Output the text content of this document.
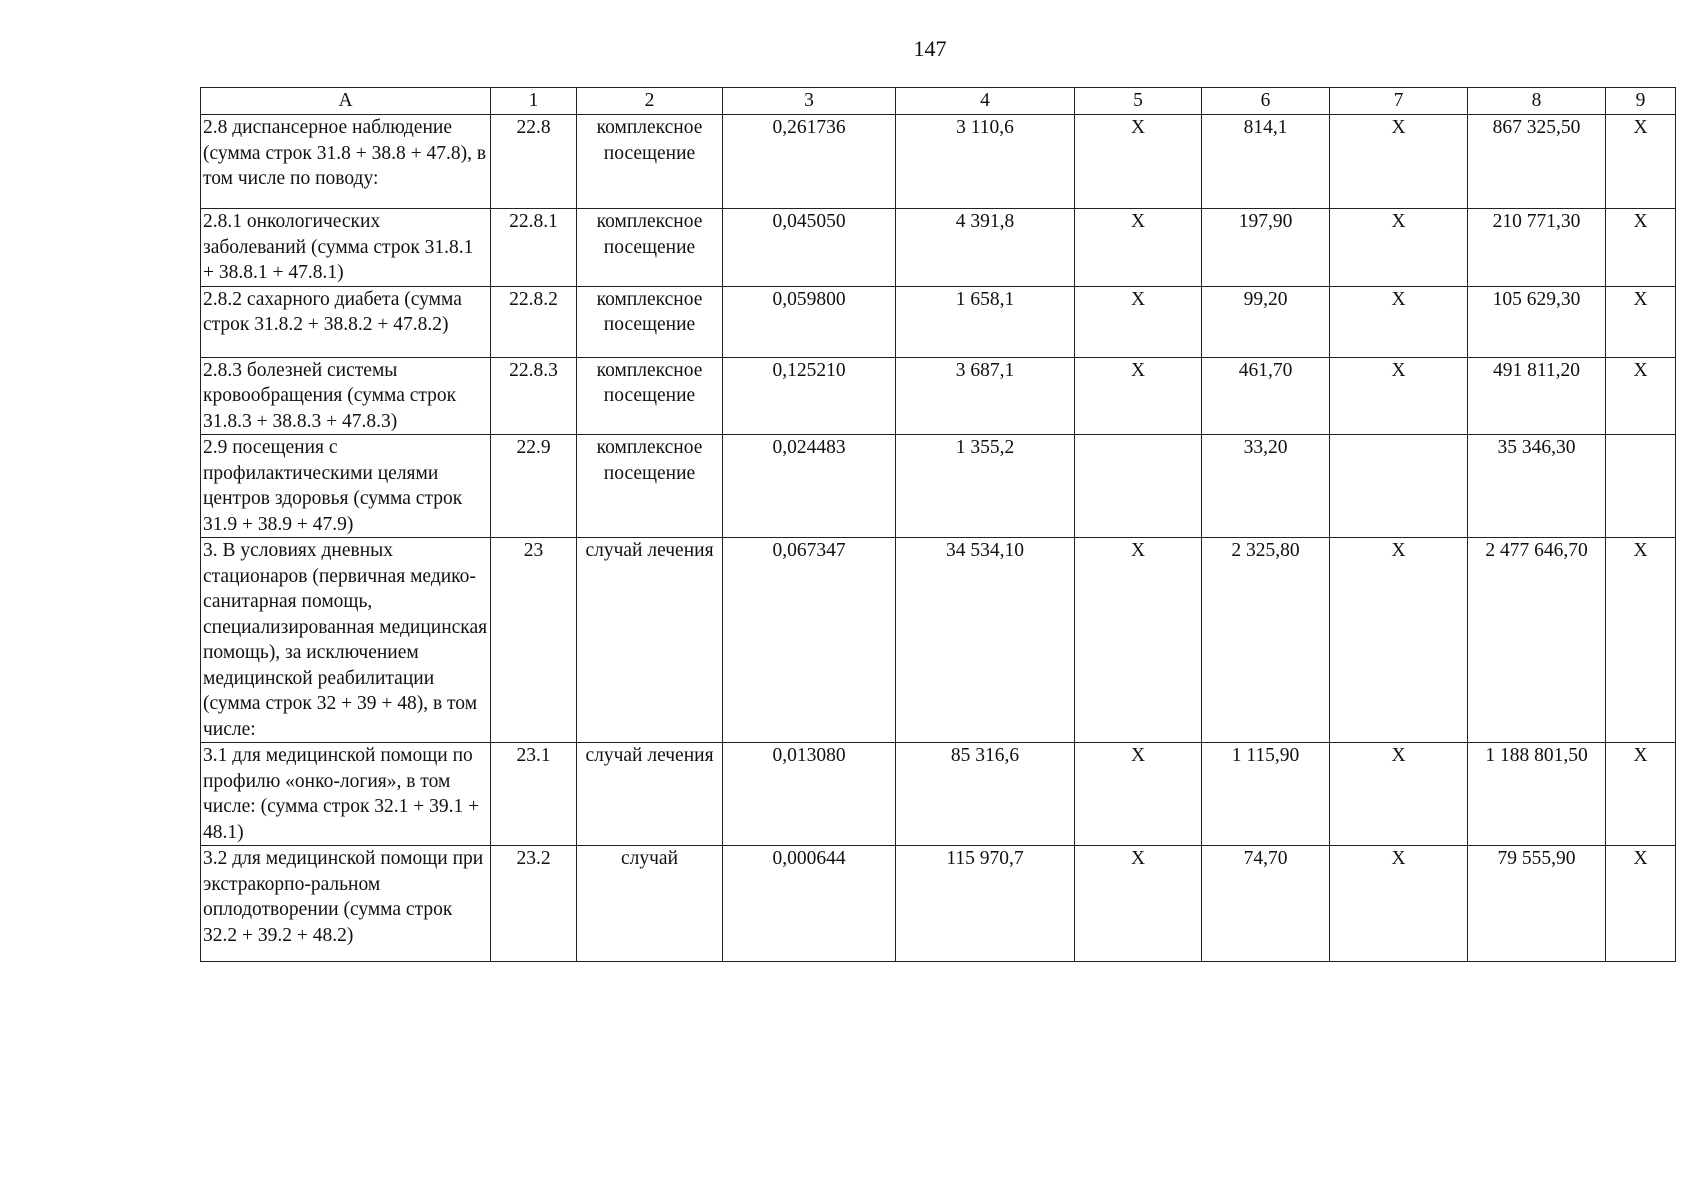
147
А	1	2	3	4	5	6	7	8	9
2.8 диспансерное наблюдение (сумма строк 31.8 + 38.8 + 47.8), в том числе по поводу:	22.8	комплексное посещение	0,261736	3 110,6	X	814,1	X	867 325,50	X
2.8.1 онкологических заболеваний (сумма строк 31.8.1 + 38.8.1 + 47.8.1)	22.8.1	комплексное посещение	0,045050	4 391,8	X	197,90	X	210 771,30	X
2.8.2 сахарного диабета (сумма строк 31.8.2 + 38.8.2 + 47.8.2)	22.8.2	комплексное посещение	0,059800	1 658,1	X	99,20	X	105 629,30	X
2.8.3 болезней системы кровообращения (сумма строк 31.8.3 + 38.8.3 + 47.8.3)	22.8.3	комплексное посещение	0,125210	3 687,1	X	461,70	X	491 811,20	X
2.9 посещения с профилактическими целями центров здоровья (сумма строк 31.9 + 38.9 + 47.9)	22.9	комплексное посещение	0,024483	1 355,2		33,20		35 346,30	
3. В условиях дневных стационаров (первичная медико-санитарная помощь, специализированная медицинская помощь), за исключением медицинской реабилитации (сумма строк 32 + 39 + 48), в том числе:	23	случай лечения	0,067347	34 534,10	X	2 325,80	X	2 477 646,70	X
3.1 для медицинской помощи по профилю «онко-логия», в том числе: (сумма строк 32.1 + 39.1 + 48.1)	23.1	случай лечения	0,013080	85 316,6	X	1 115,90	X	1 188 801,50	X
3.2 для медицинской помощи при экстракорпо-ральном оплодотворении (сумма строк 32.2 + 39.2 + 48.2)	23.2	случай	0,000644	115 970,7	X	74,70	X	79 555,90	X
